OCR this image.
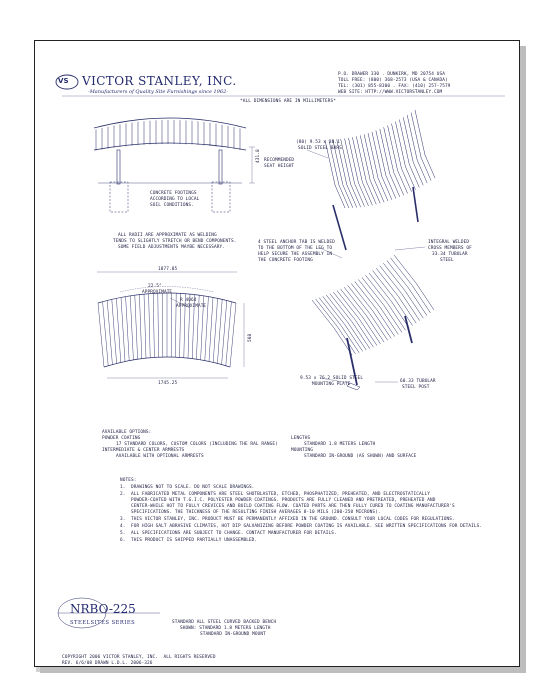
VS VICTOR STANLEY, INC.
-Manufacturers of Quality Site Furnishings since 1962-
P.O. DRAWER 330 . DUNKIRK, MD 20754 USA
TOLL FREE: (800) 368-2573 (USA & CANADA)
TEL: (301) 855-8300 . FAX: (410) 257-7579
WEB SITE: HTTP://WWW.VICTORSTANLEY.COM
*ALL DIMENSIONS ARE IN MILLIMETERS*
431.8 RECOMMENDED
SEAT HEIGHT
CONCRETE FOOTINGS
ACCORDING TO LOCAL
SOIL CONDITIONS.
ALL RADII ARE APPROXIMATE AS WELDING
TENDS TO SLIGHTLY STRETCH OR BEND COMPONENTS.
SOME FIELD ADJUSTMENTS MAYBE NECESSARY.
1877.85
22.5°
APPROXIMATE
R 4064
APPROXIMATE
568
1745.25
(80) 9.53 x 38.1
SOLID STEEL BARS
4 STEEL ANCHOR TAB IS WELDED
TO THE BOTTOM OF THE LEG TO
HELP SECURE THE ASSEMBLY IN
THE CONCRETE FOOTING
INTEGRAL WELDED
CROSS MEMBERS OF
33.34 TUBULAR
STEEL
9.53 x 76.2 SOLID STEEL
MOUNTING PLATE
60.33 TUBULAR
STEEL POST
AVAILABLE OPTIONS:
POWDER COATING
17 STANDARD COLORS, CUSTOM COLORS (INCLUDING THE RAL RANGE)
INTERMEDIATE & CENTER ARMRESTS
AVAILABLE WITH OPTIONAL ARMRESTS
LENGTHS
STANDARD 1.8 METERS LENGTH
MOUNTING
STANDARD IN-GROUND (AS SHOWN) AND SURFACE
NOTES:
1.  DRAWINGS NOT TO SCALE. DO NOT SCALE DRAWINGS.
2.  ALL FABRICATED METAL COMPONENTS ARE STEEL SHOTBLASTED, ETCHED, PHOSPHATIZED, PREHEATED, AND ELECTROSTATICALLY
POWDER-COATED WITH T.G.I.C. POLYESTER POWDER COATINGS. PRODUCTS ARE FULLY CLEANED AND PRETREATED, PREHEATED AND
CENTER-WHILE HOT TO FULLY CREVICES AND BUILD COATING FLOW. COATED PARTS ARE THEN FULLY CURED TO COATING MANUFACTURER'S
SPECIFICATIONS. THE THICKNESS OF THE RESULTING FINISH AVERAGES 8-10 MILS (200-250 MICRONS).
3.  THIS VICTOR STANLEY, INC. PRODUCT MUST BE PERMANENTLY AFFIXED IN THE GROUND. CONSULT YOUR LOCAL CODES FOR REGULATIONS.
4.  FOR HIGH SALT ABRASIVE CLIMATES, HOT DIP GALVANIZING BEFORE POWDER COATING IS AVAILABLE. SEE WRITTEN SPECIFICATIONS FOR DETAILS.
5.  ALL SPECIFICATIONS ARE SUBJECT TO CHANGE. CONTACT MANUFACTURER FOR DETAILS.
6.  THIS PRODUCT IS SHIPPED PARTIALLY UNASSEMBLED.
NRBO-225
STEELSITES SERIES	STANDARD ALL STEEL CURVED BACKED BENCH
SHOWN: STANDARD 1.8 METERS LENGTH
STANDARD IN-GROUND MOUNT
COPYRIGHT 2006 VICTOR STANLEY, INC.  ALL RIGHTS RESERVED
REV. 6/6/08 DRAWN L.D.L. 2006-326
